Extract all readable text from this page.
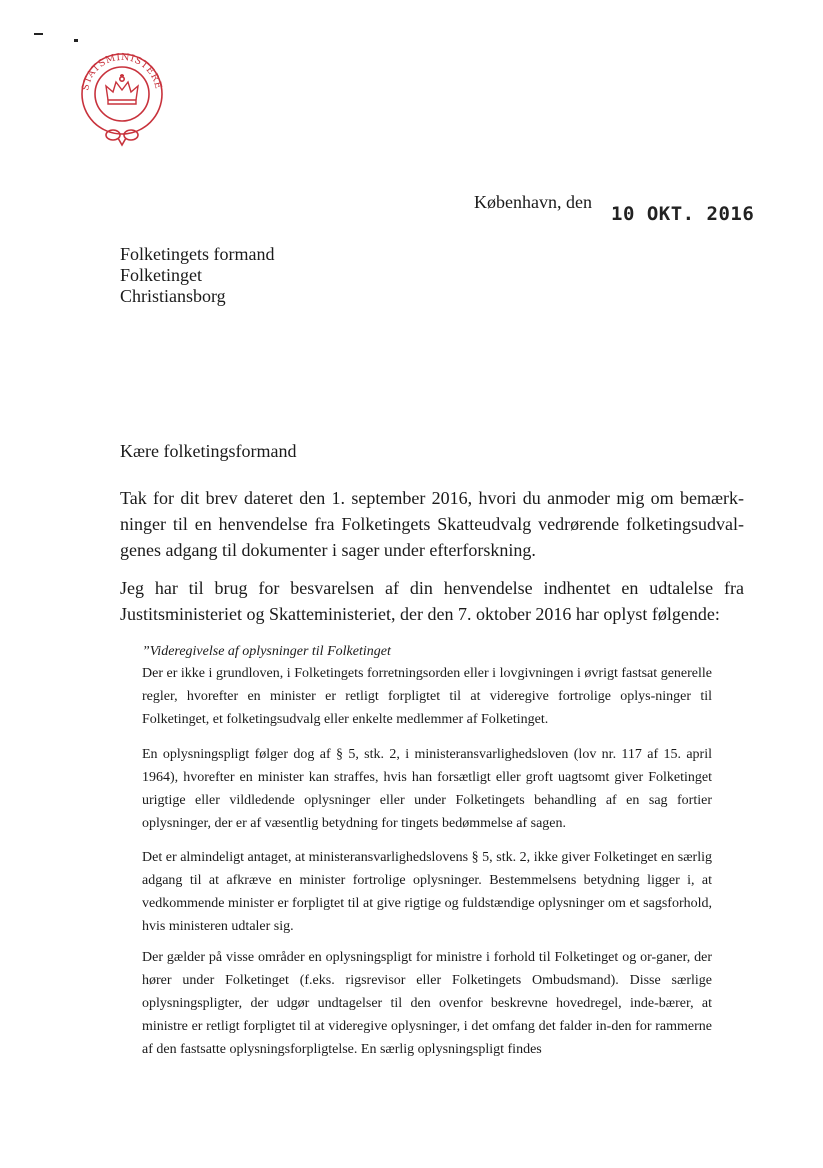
STATSMINISTERE
København, den
10 OKT. 2016
Folketingets formand
Folketinget
Christiansborg
Kære folketingsformand
Tak for dit brev dateret den 1. september 2016, hvori du anmoder mig om bemærk-ninger til en henvendelse fra Folketingets Skatteudvalg vedrørende folketingsudval-genes adgang til dokumenter i sager under efterforskning.
Jeg har til brug for besvarelsen af din henvendelse indhentet en udtalelse fra Justitsministeriet og Skatteministeriet, der den 7. oktober 2016 har oplyst følgende:
”Videregivelse af oplysninger til Folketinget
Der er ikke i grundloven, i Folketingets forretningsorden eller i lovgivningen i øvrigt fastsat generelle regler, hvorefter en minister er retligt forpligtet til at videregive fortrolige oplys-ninger til Folketinget, et folketingsudvalg eller enkelte medlemmer af Folketinget.
En oplysningspligt følger dog af § 5, stk. 2, i ministeransvarlighedsloven (lov nr. 117 af 15. april 1964), hvorefter en minister kan straffes, hvis han forsætligt eller groft uagtsomt giver Folketinget urigtige eller vildledende oplysninger eller under Folketingets behandling af en sag fortier oplysninger, der er af væsentlig betydning for tingets bedømmelse af sagen.
Det er almindeligt antaget, at ministeransvarlighedslovens § 5, stk. 2, ikke giver Folketinget en særlig adgang til at afkræve en minister fortrolige oplysninger. Bestemmelsens betydning ligger i, at vedkommende minister er forpligtet til at give rigtige og fuldstændige oplysninger om et sagsforhold, hvis ministeren udtaler sig.
Der gælder på visse områder en oplysningspligt for ministre i forhold til Folketinget og or-ganer, der hører under Folketinget (f.eks. rigsrevisor eller Folketingets Ombudsmand). Disse særlige oplysningspligter, der udgør undtagelser til den ovenfor beskrevne hovedregel, inde-bærer, at ministre er retligt forpligtet til at videregive oplysninger, i det omfang det falder in-den for rammerne af den fastsatte oplysningsforpligtelse. En særlig oplysningspligt findes
